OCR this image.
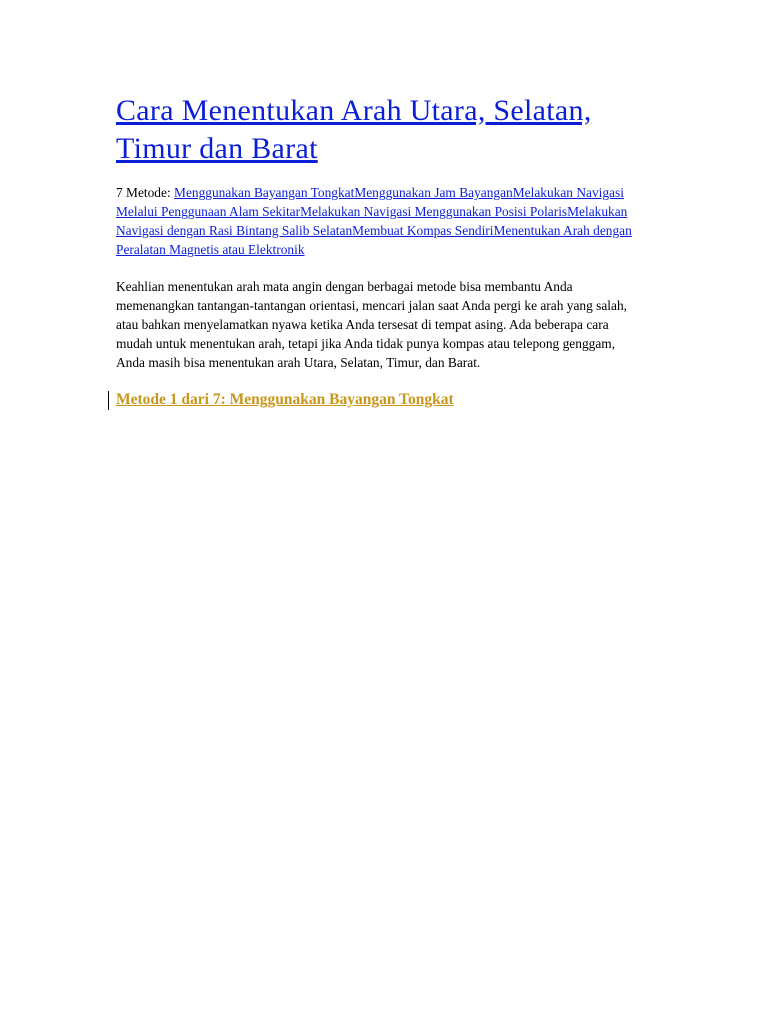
Cara Menentukan Arah Utara, Selatan, Timur dan Barat
7 Metode: Menggunakan Bayangan TongkatMenggunakan Jam BayanganMelakukan Navigasi Melalui Penggunaan Alam SekitarMelakukan Navigasi Menggunakan Posisi PolarisMelakukan Navigasi dengan Rasi Bintang Salib SelatanMembuat Kompas SendiriMenentukan Arah dengan Peralatan Magnetis atau Elektronik

Keahlian menentukan arah mata angin dengan berbagai metode bisa membantu Anda memenangkan tantangan-tantangan orientasi, mencari jalan saat Anda pergi ke arah yang salah, atau bahkan menyelamatkan nyawa ketika Anda tersesat di tempat asing. Ada beberapa cara mudah untuk menentukan arah, tetapi jika Anda tidak punya kompas atau telepong genggam, Anda masih bisa menentukan arah Utara, Selatan, Timur, dan Barat.

Metode 1 dari 7: Menggunakan Bayangan Tongkat
